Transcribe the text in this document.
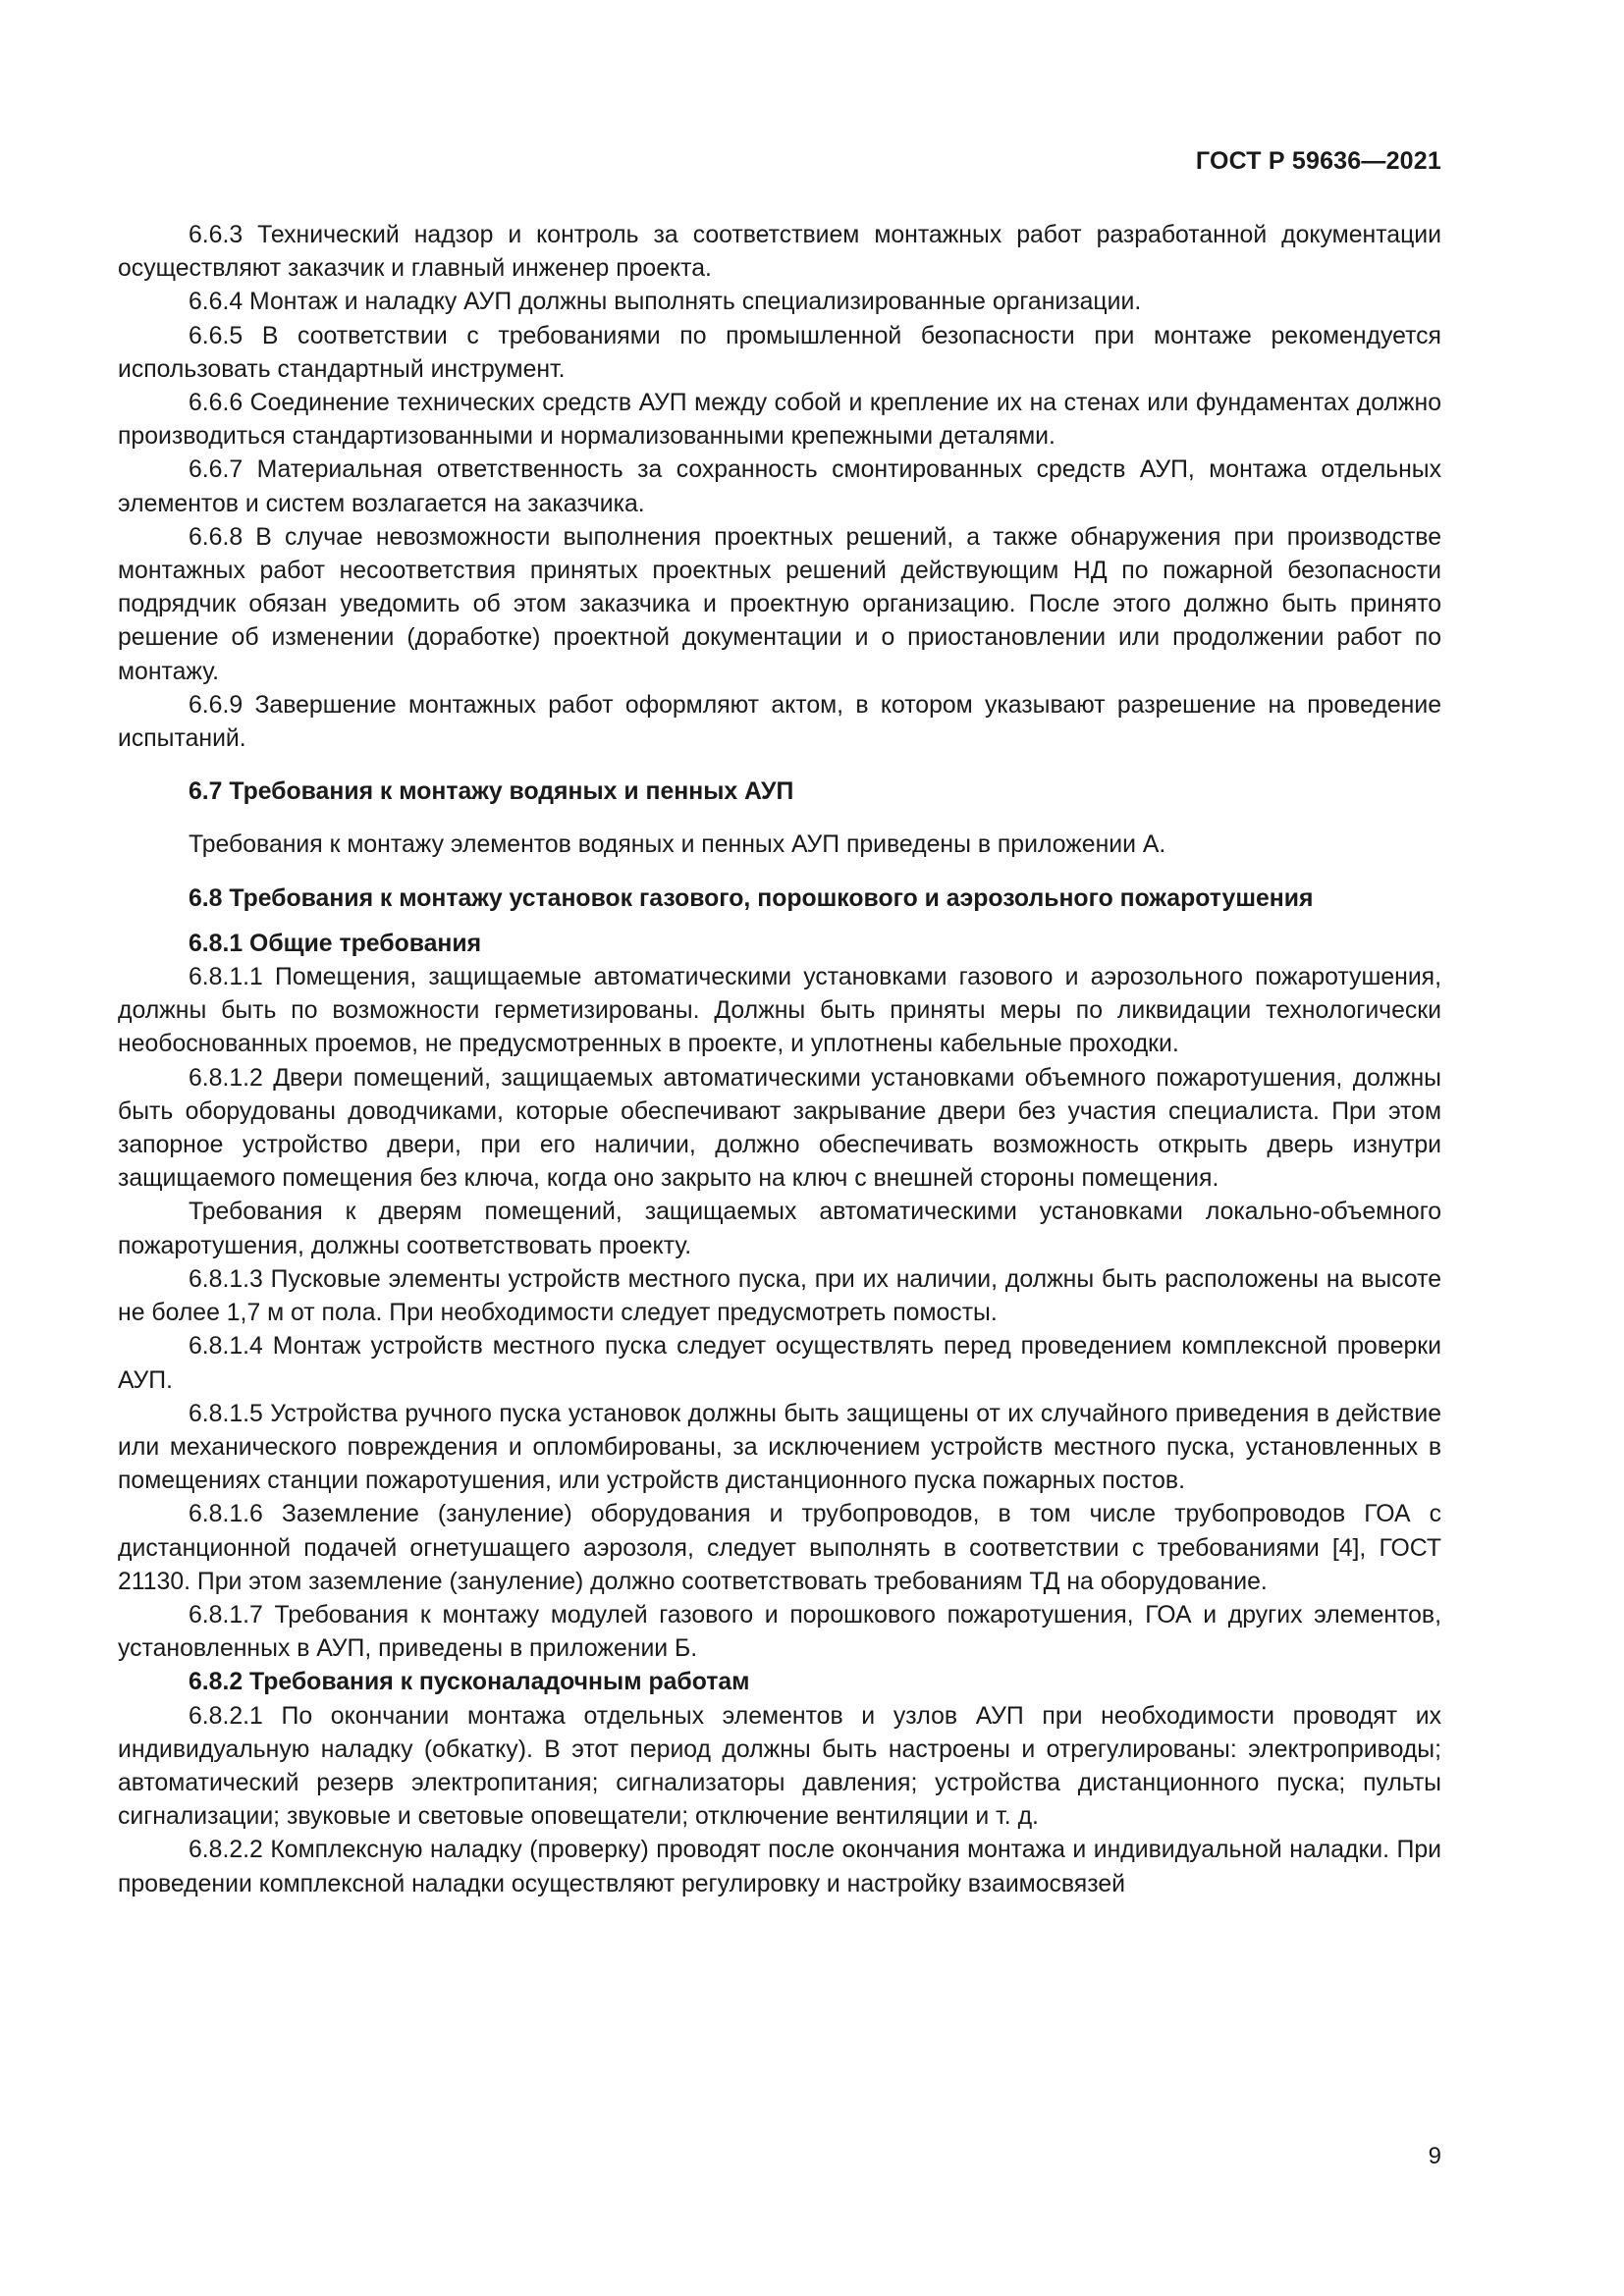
ГОСТ Р 59636—2021

6.6.3 Технический надзор и контроль за соответствием монтажных работ разработанной документации осуществляют заказчик и главный инженер проекта.

6.6.4 Монтаж и наладку АУП должны выполнять специализированные организации.

6.6.5 В соответствии с требованиями по промышленной безопасности при монтаже рекомендуется использовать стандартный инструмент.

6.6.6 Соединение технических средств АУП между собой и крепление их на стенах или фундаментах должно производиться стандартизованными и нормализованными крепежными деталями.

6.6.7 Материальная ответственность за сохранность смонтированных средств АУП, монтажа отдельных элементов и систем возлагается на заказчика.

6.6.8 В случае невозможности выполнения проектных решений, а также обнаружения при производстве монтажных работ несоответствия принятых проектных решений действующим НД по пожарной безопасности подрядчик обязан уведомить об этом заказчика и проектную организацию. После этого должно быть принято решение об изменении (доработке) проектной документации и о приостановлении или продолжении работ по монтажу.

6.6.9 Завершение монтажных работ оформляют актом, в котором указывают разрешение на проведение испытаний.

6.7 Требования к монтажу водяных и пенных АУП

Требования к монтажу элементов водяных и пенных АУП приведены в приложении А.

6.8 Требования к монтажу установок газового, порошкового и аэрозольного пожаротушения

6.8.1 Общие требования

6.8.1.1 Помещения, защищаемые автоматическими установками газового и аэрозольного пожаротушения, должны быть по возможности герметизированы. Должны быть приняты меры по ликвидации технологически необоснованных проемов, не предусмотренных в проекте, и уплотнены кабельные проходки.

6.8.1.2 Двери помещений, защищаемых автоматическими установками объемного пожаротушения, должны быть оборудованы доводчиками, которые обеспечивают закрывание двери без участия специалиста. При этом запорное устройство двери, при его наличии, должно обеспечивать возможность открыть дверь изнутри защищаемого помещения без ключа, когда оно закрыто на ключ с внешней стороны помещения.

Требования к дверям помещений, защищаемых автоматическими установками локально-объемного пожаротушения, должны соответствовать проекту.

6.8.1.3 Пусковые элементы устройств местного пуска, при их наличии, должны быть расположены на высоте не более 1,7 м от пола. При необходимости следует предусмотреть помосты.

6.8.1.4 Монтаж устройств местного пуска следует осуществлять перед проведением комплексной проверки АУП.

6.8.1.5 Устройства ручного пуска установок должны быть защищены от их случайного приведения в действие или механического повреждения и опломбированы, за исключением устройств местного пуска, установленных в помещениях станции пожаротушения, или устройств дистанционного пуска пожарных постов.

6.8.1.6 Заземление (зануление) оборудования и трубопроводов, в том числе трубопроводов ГОА с дистанционной подачей огнетушащего аэрозоля, следует выполнять в соответствии с требованиями [4], ГОСТ 21130. При этом заземление (зануление) должно соответствовать требованиям ТД на оборудование.

6.8.1.7 Требования к монтажу модулей газового и порошкового пожаротушения, ГОА и других элементов, установленных в АУП, приведены в приложении Б.

6.8.2 Требования к пусконаладочным работам

6.8.2.1 По окончании монтажа отдельных элементов и узлов АУП при необходимости проводят их индивидуальную наладку (обкатку). В этот период должны быть настроены и отрегулированы: электроприводы; автоматический резерв электропитания; сигнализаторы давления; устройства дистанционного пуска; пульты сигнализации; звуковые и световые оповещатели; отключение вентиляции и т. д.

6.8.2.2 Комплексную наладку (проверку) проводят после окончания монтажа и индивидуальной наладки. При проведении комплексной наладки осуществляют регулировку и настройку взаимосвязей

9
